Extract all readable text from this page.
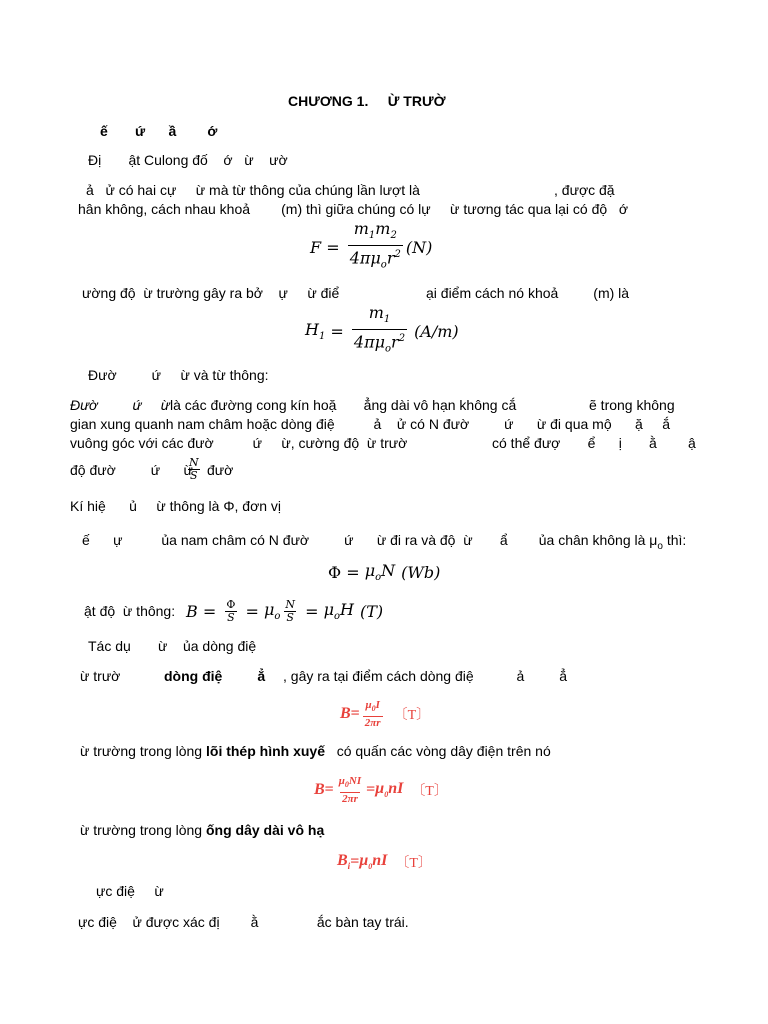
CHƯƠNG 1.     Ừ TRƯỜ
ế       ứ      ầ        ớ
Đị       ật Culong đố    ớ   ừ    ườ
ả   ử có hai cự     ừ mà từ thông của chúng lần lượt là	, được đặ
hân không, cách nhau khoả        (m) thì giữa chúng có lự     ừ tương tác qua lại có độ   ớ
$F = \frac{m_1m_2}{4\pi\mu_or^2} (N)$
ường độ  ừ trường gây ra bở    ự     ừ điể	ại điểm cách nó khoả         (m) là
$H_1 = \frac{m_1}{4\pi\mu_or^2} (A/m)$
Đườ         ứ     ừ và từ thông:
Đườ         ứ     ừ là các đường cong kín hoặ       ẳng dài vô hạn không cắ	ẽ trong không
gian xung quanh nam châm hoặc dòng điệ          ả    ử có N đườ         ứ      ừ đi qua mộ      ặ     ắ
vuông góc với các đườ          ứ     ừ, cường độ  ừ trườ	có thể đượ       ể      ị       ằ        ậ
độ đườ         ứ      ừ
$\frac{N}{S}$ đườ
Kí hiệ      ủ     ừ thông là Φ, đơn vị
ế      ự          ủa nam châm có N đườ         ứ      ừ đi ra và độ  ừ       ẩ        ủa chân không là $\mu_o$ thì:
$\Phi = \mu_oN$ (Wb)
ật độ  ừ thông: $B = \frac{\Phi}{S} = \mu_o \frac{N}{S} = \mu_oH$ (T)
Tác dụ       ừ    ủa dòng điệ
ừ trườ	dòng điệ         ẳ , gây ra tại điểm cách dòng điệ           ả         ẳ
$B = \frac{\mu_0I}{2\pi r}$ 〔T〕
ừ trường trong lòng lõi thép hình xuyế có quấn các vòng dây điện trên nó
$B = \frac{\mu_0NI}{2\pi r} = \mu_0nI$ 〔T〕
ừ trường trong lòng ống dây dài vô hạ
$B_i = \mu_0nI$ 〔T〕
ực điệ     ừ
ực điệ    ử được xác đị        ằ               ắc bàn tay trái.
